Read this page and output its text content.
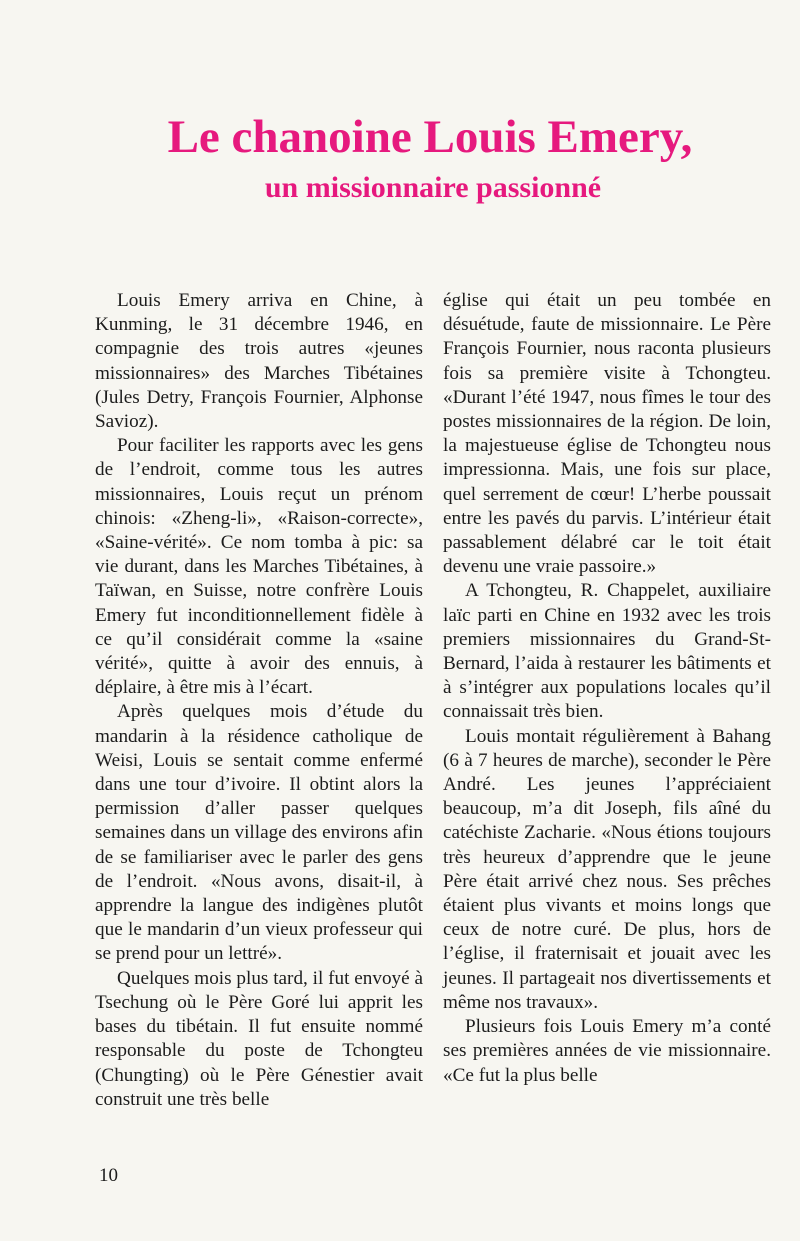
Le chanoine Louis Emery,
un missionnaire passionné

Louis Emery arriva en Chine, à Kunming, le 31 décembre 1946, en compagnie des trois autres «jeunes missionnaires» des Marches Tibétaines (Jules Detry, François Fournier, Alphonse Savioz).

Pour faciliter les rapports avec les gens de l’endroit, comme tous les autres missionnaires, Louis reçut un prénom chinois: «Zheng-li», «Raison-correcte», «Saine-vérité». Ce nom tomba à pic: sa vie durant, dans les Marches Tibétaines, à Taïwan, en Suisse, notre confrère Louis Emery fut inconditionnellement fidèle à ce qu’il considérait comme la «saine vérité», quitte à avoir des ennuis, à déplaire, à être mis à l’écart.

Après quelques mois d’étude du mandarin à la résidence catholique de Weisi, Louis se sentait comme enfermé dans une tour d’ivoire. Il obtint alors la permission d’aller passer quelques semaines dans un village des environs afin de se familiariser avec le parler des gens de l’endroit. «Nous avons, disait-il, à apprendre la langue des indigènes plutôt que le mandarin d’un vieux professeur qui se prend pour un lettré».

Quelques mois plus tard, il fut envoyé à Tsechung où le Père Goré lui apprit les bases du tibétain. Il fut ensuite nommé responsable du poste de Tchongteu (Chungting) où le Père Génestier avait construit une très belle

église qui était un peu tombée en désuétude, faute de missionnaire. Le Père François Fournier, nous raconta plusieurs fois sa première visite à Tchongteu. «Durant l’été 1947, nous fîmes le tour des postes missionnaires de la région. De loin, la majestueuse église de Tchongteu nous impressionna. Mais, une fois sur place, quel serrement de cœur! L’herbe poussait entre les pavés du parvis. L’intérieur était passablement délabré car le toit était devenu une vraie passoire.»

A Tchongteu, R. Chappelet, auxiliaire laïc parti en Chine en 1932 avec les trois premiers missionnaires du Grand-St-Bernard, l’aida à restaurer les bâtiments et à s’intégrer aux populations locales qu’il connaissait très bien.

Louis montait régulièrement à Bahang (6 à 7 heures de marche), seconder le Père André. Les jeunes l’appréciaient beaucoup, m’a dit Joseph, fils aîné du catéchiste Zacharie. «Nous étions toujours très heureux d’apprendre que le jeune Père était arrivé chez nous. Ses prêches étaient plus vivants et moins longs que ceux de notre curé. De plus, hors de l’église, il fraternisait et jouait avec les jeunes. Il partageait nos divertissements et même nos travaux».

Plusieurs fois Louis Emery m’a conté ses premières années de vie missionnaire. «Ce fut la plus belle

10
